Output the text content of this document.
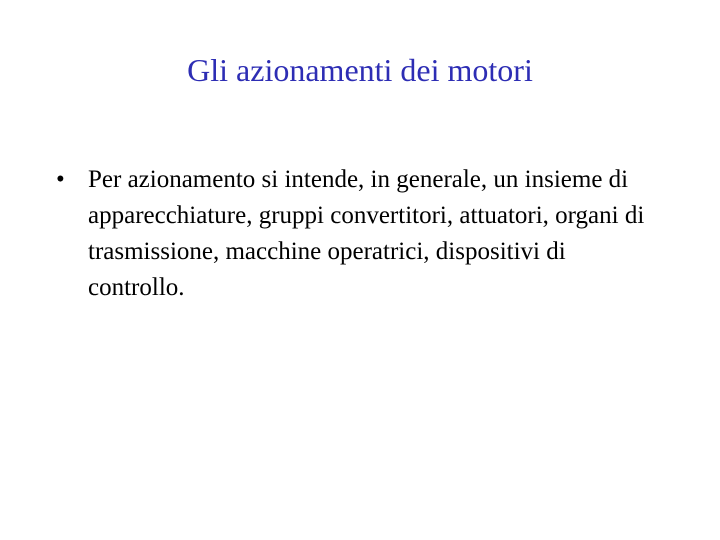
Gli azionamenti dei motori
• Per azionamento si intende, in generale, un insieme di apparecchiature, gruppi convertitori, attuatori, organi di trasmissione, macchine operatrici, dispositivi di controllo.
